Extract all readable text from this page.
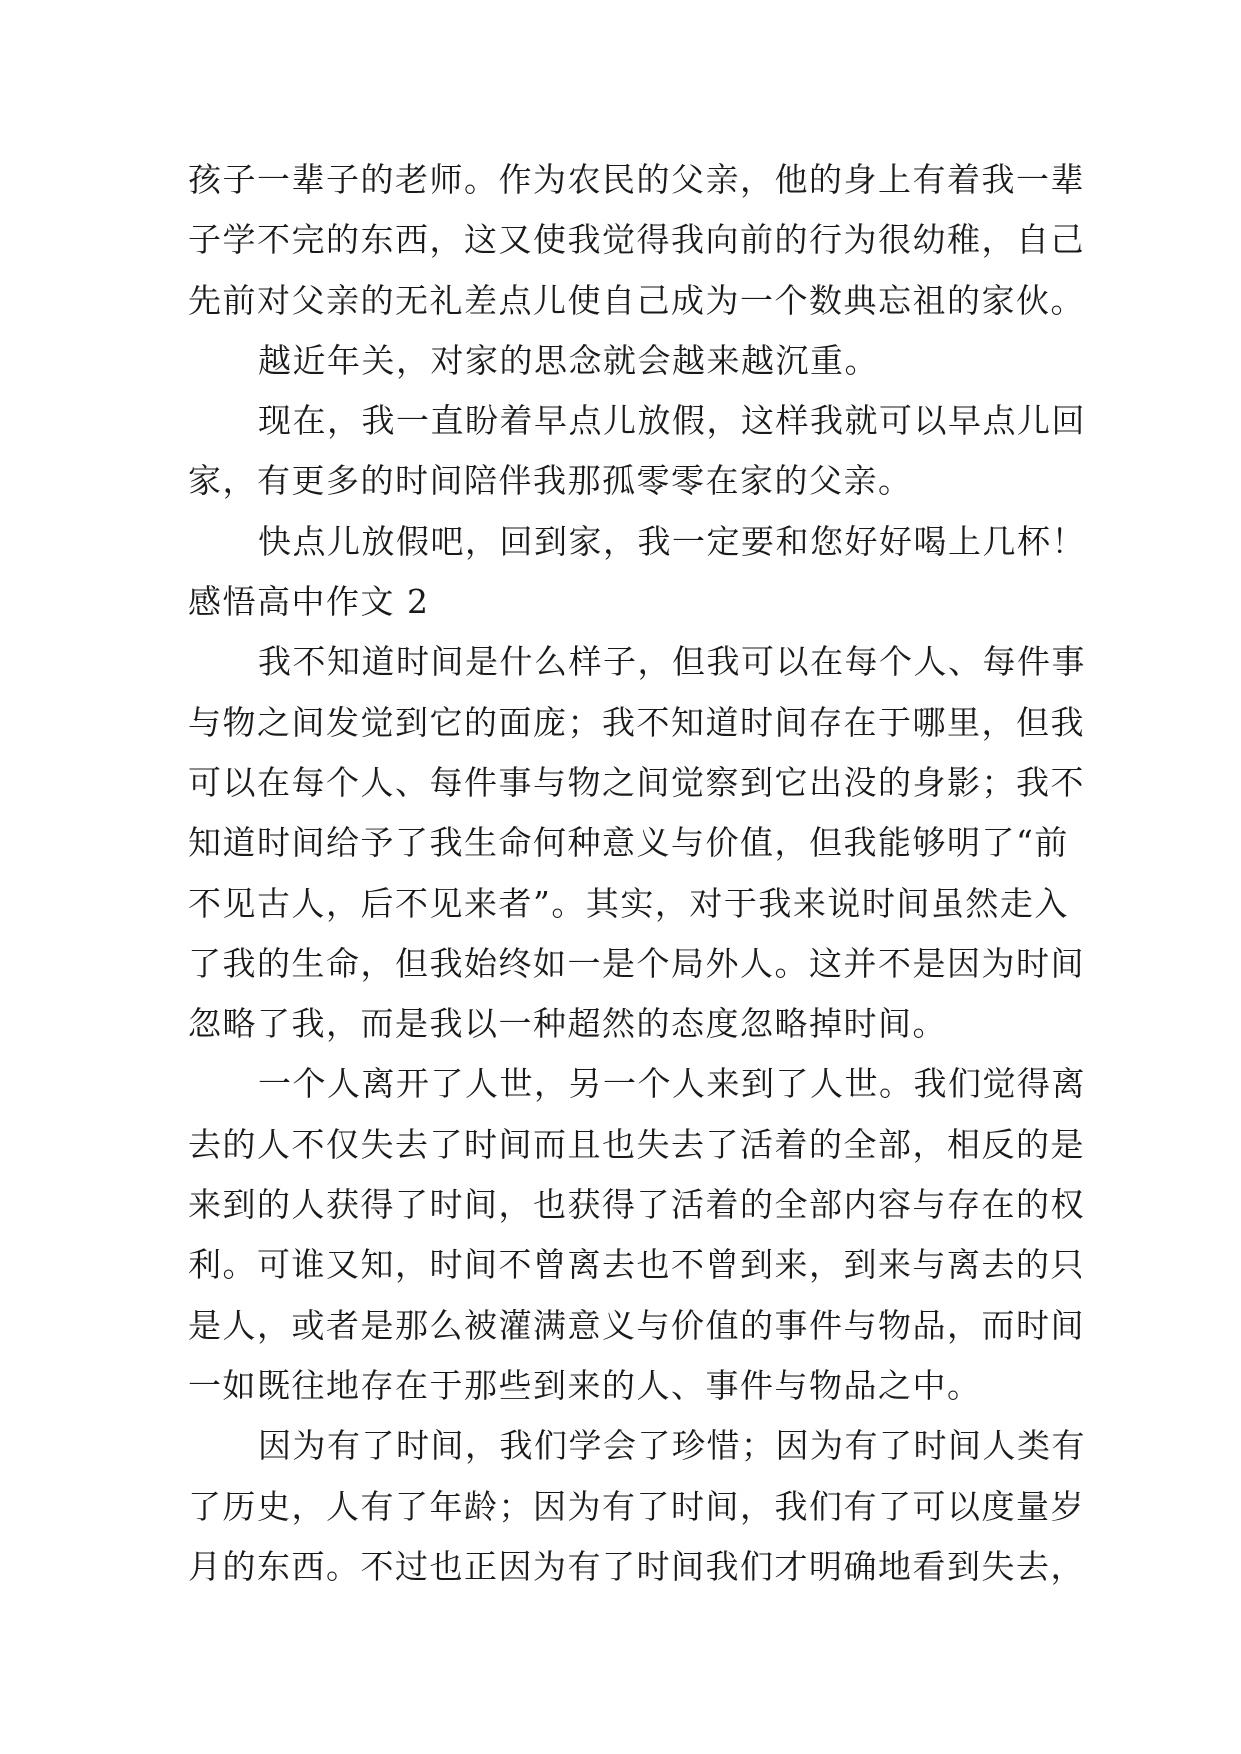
孩子一辈子的老师。作为农民的父亲，他的身上有着我一辈
子学不完的东西，这又使我觉得我向前的行为很幼稚，自己
先前对父亲的无礼差点儿使自己成为一个数典忘祖的家伙。
越近年关，对家的思念就会越来越沉重。
现在，我一直盼着早点儿放假，这样我就可以早点儿回
家，有更多的时间陪伴我那孤零零在家的父亲。
快点儿放假吧，回到家，我一定要和您好好喝上几杯！
感悟高中作文 2
我不知道时间是什么样子，但我可以在每个人、每件事
与物之间发觉到它的面庞；我不知道时间存在于哪里，但我
可以在每个人、每件事与物之间觉察到它出没的身影；我不
知道时间给予了我生命何种意义与价值，但我能够明了“前
不见古人，后不见来者”。其实，对于我来说时间虽然走入
了我的生命，但我始终如一是个局外人。这并不是因为时间
忽略了我，而是我以一种超然的态度忽略掉时间。
一个人离开了人世，另一个人来到了人世。我们觉得离
去的人不仅失去了时间而且也失去了活着的全部，相反的是
来到的人获得了时间，也获得了活着的全部内容与存在的权
利。可谁又知，时间不曾离去也不曾到来，到来与离去的只
是人，或者是那么被灌满意义与价值的事件与物品，而时间
一如既往地存在于那些到来的人、事件与物品之中。
因为有了时间，我们学会了珍惜；因为有了时间人类有
了历史，人有了年龄；因为有了时间，我们有了可以度量岁
月的东西。不过也正因为有了时间我们才明确地看到失去，
